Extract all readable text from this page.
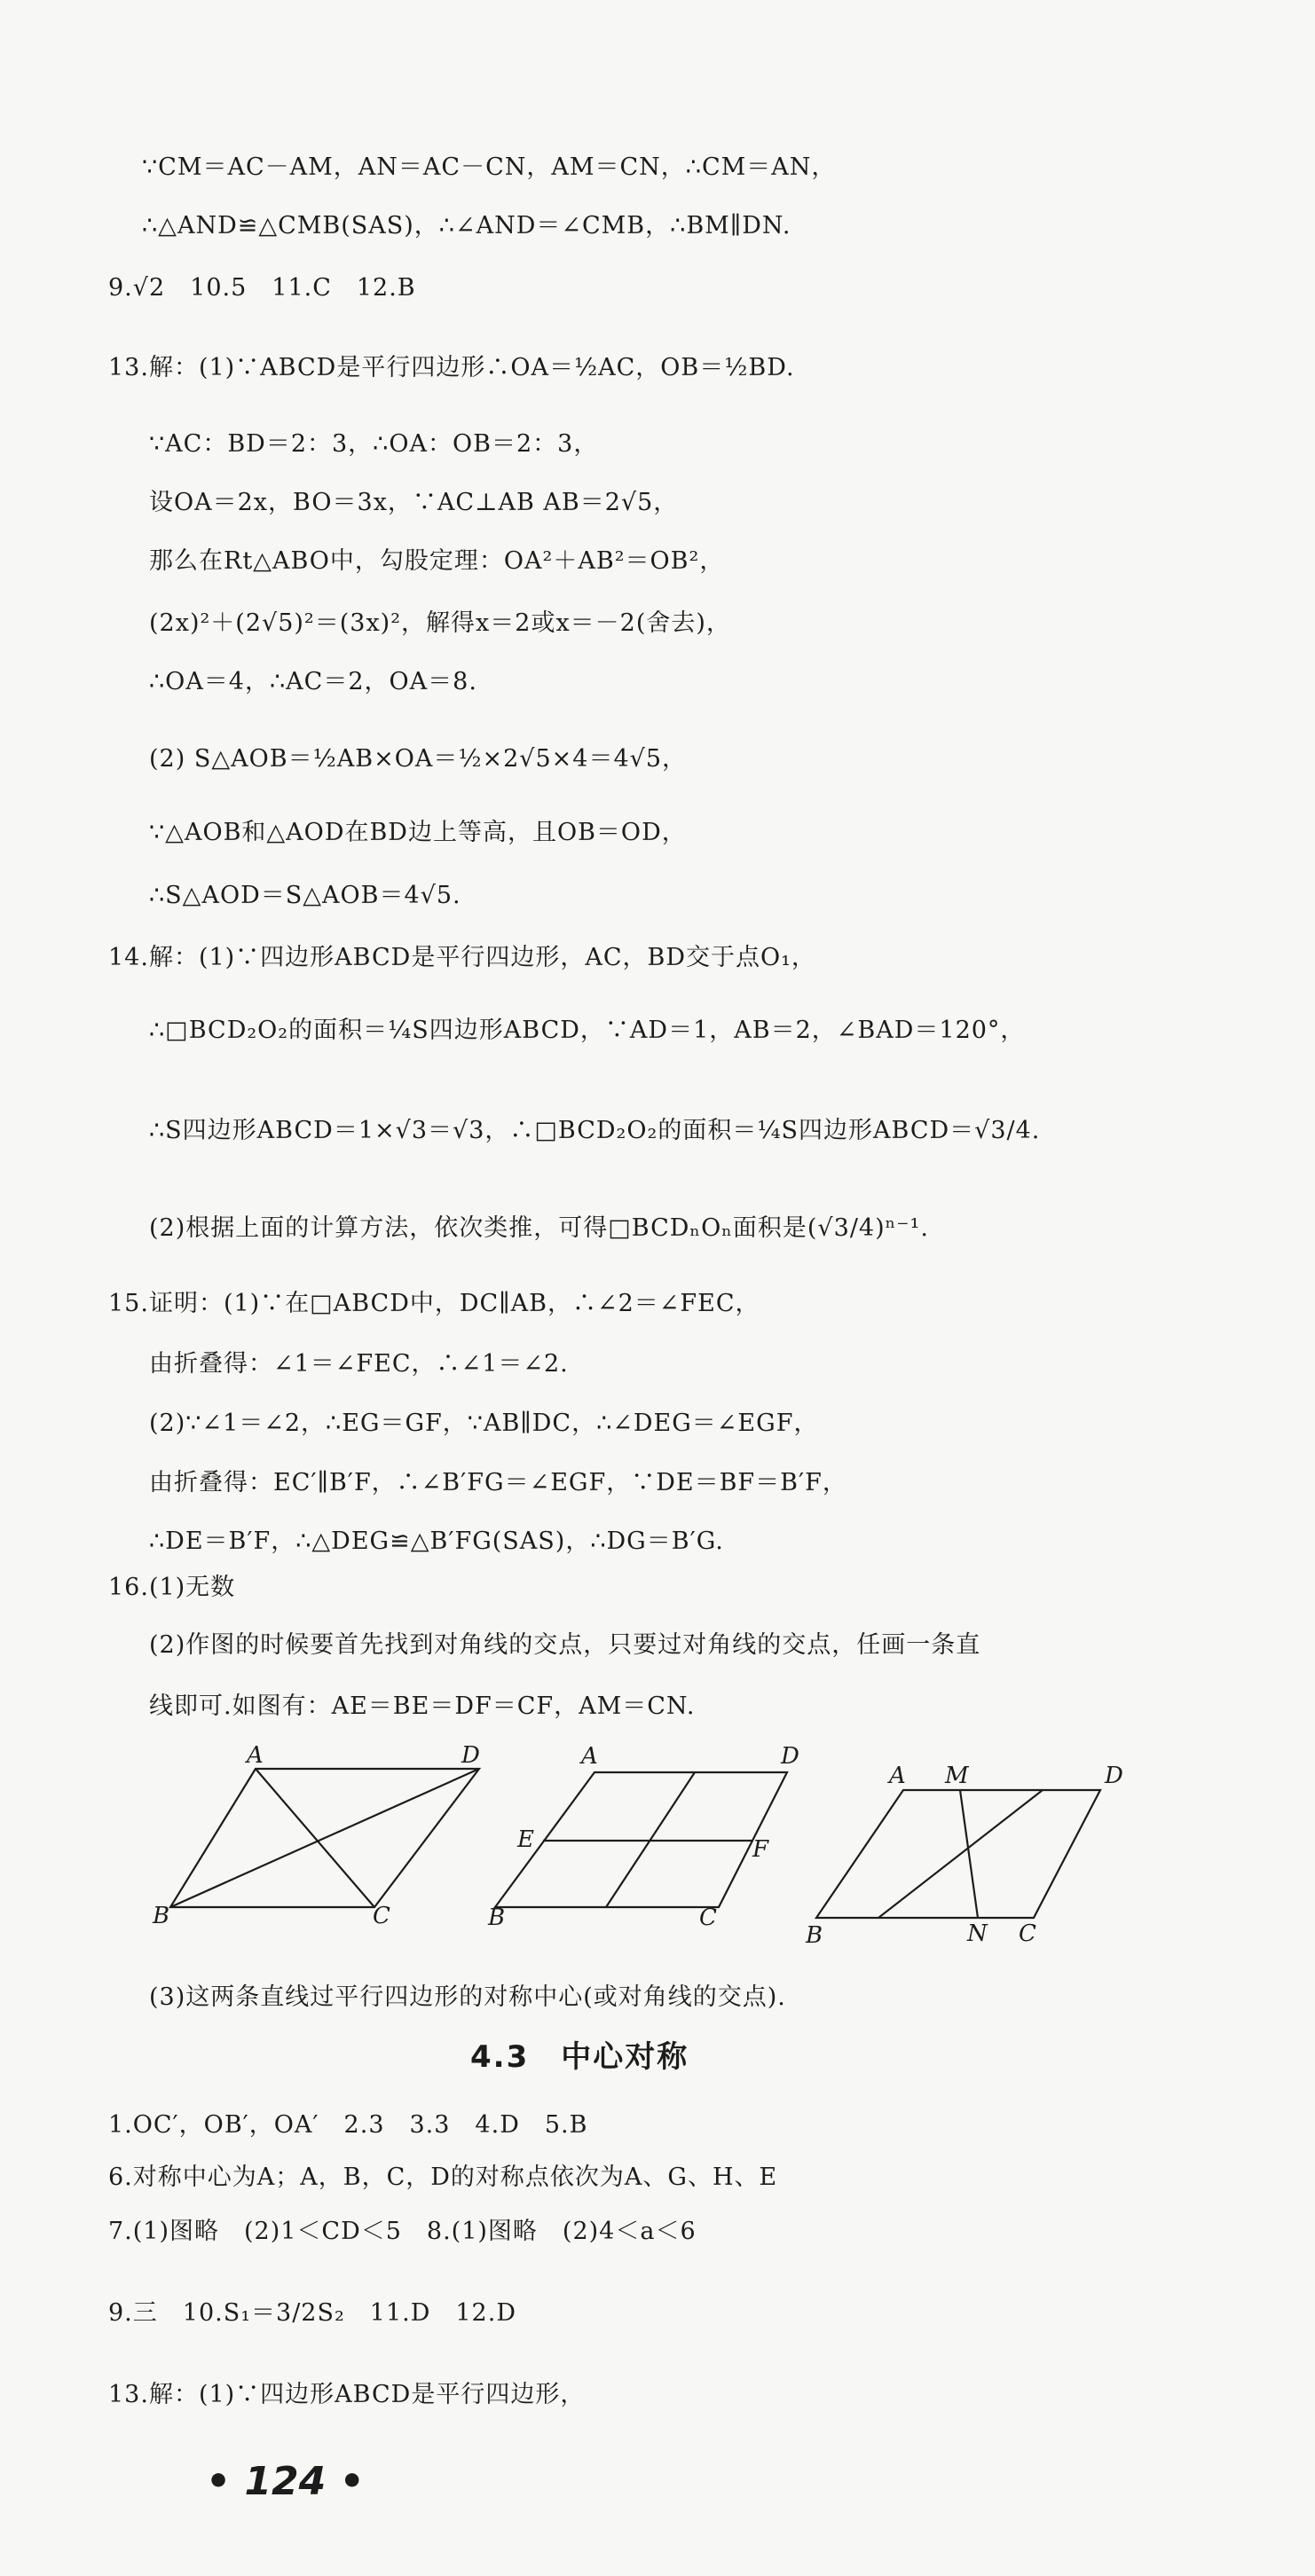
∵CM＝AC－AM，AN＝AC－CN，AM＝CN，∴CM＝AN，
∴△AND≌△CMB(SAS)，∴∠AND＝∠CMB，∴BM∥DN.
9.√2　10.5　11.C　12.B
13.解：(1)∵ABCD是平行四边形∴OA＝½AC，OB＝½BD.
∵AC：BD＝2：3，∴OA：OB＝2：3，
设OA＝2x，BO＝3x，∵AC⊥AB AB＝2√5，
那么在Rt△ABO中，勾股定理：OA²＋AB²＝OB²，
(2x)²＋(2√5)²＝(3x)²，解得x＝2或x＝－2(舍去)，
∴OA＝4，∴AC＝2，OA＝8.
(2) S△AOB＝½AB×OA＝½×2√5×4＝4√5，
∵△AOB和△AOD在BD边上等高，且OB＝OD，
∴S△AOD＝S△AOB＝4√5.
14.解：(1)∵四边形ABCD是平行四边形，AC，BD交于点O₁，
∴□BCD₂O₂的面积＝¼S四边形ABCD，∵AD＝1，AB＝2，∠BAD＝120°，
∴S四边形ABCD＝1×√3＝√3，∴□BCD₂O₂的面积＝¼S四边形ABCD＝√3/4.
(2)根据上面的计算方法，依次类推，可得□BCDₙOₙ面积是(√3/4)ⁿ⁻¹.
15.证明：(1)∵在□ABCD中，DC∥AB，∴∠2＝∠FEC，
由折叠得：∠1＝∠FEC，∴∠1＝∠2.
(2)∵∠1＝∠2，∴EG＝GF，∵AB∥DC，∴∠DEG＝∠EGF，
由折叠得：EC′∥B′F，∴∠B′FG＝∠EGF，∵DE＝BF＝B′F，
∴DE＝B′F，∴△DEG≌△B′FG(SAS)，∴DG＝B′G.
16.(1)无数
(2)作图的时候要首先找到对角线的交点，只要过对角线的交点，任画一条直
线即可.如图有：AE＝BE＝DF＝CF，AM＝CN.
A	D
B	C
A	D
E	F
B	C
A M	D
B	N C
(3)这两条直线过平行四边形的对称中心(或对角线的交点).
4.3　中心对称
1.OC′，OB′，OA′　2.3　3.3　4.D　5.B
6.对称中心为A；A，B，C，D的对称点依次为A、G、H、E
7.(1)图略　(2)1＜CD＜5　8.(1)图略　(2)4＜a＜6
9.三　10.S₁＝3/2S₂　11.D　12.D
13.解：(1)∵四边形ABCD是平行四边形，
• 124 •
